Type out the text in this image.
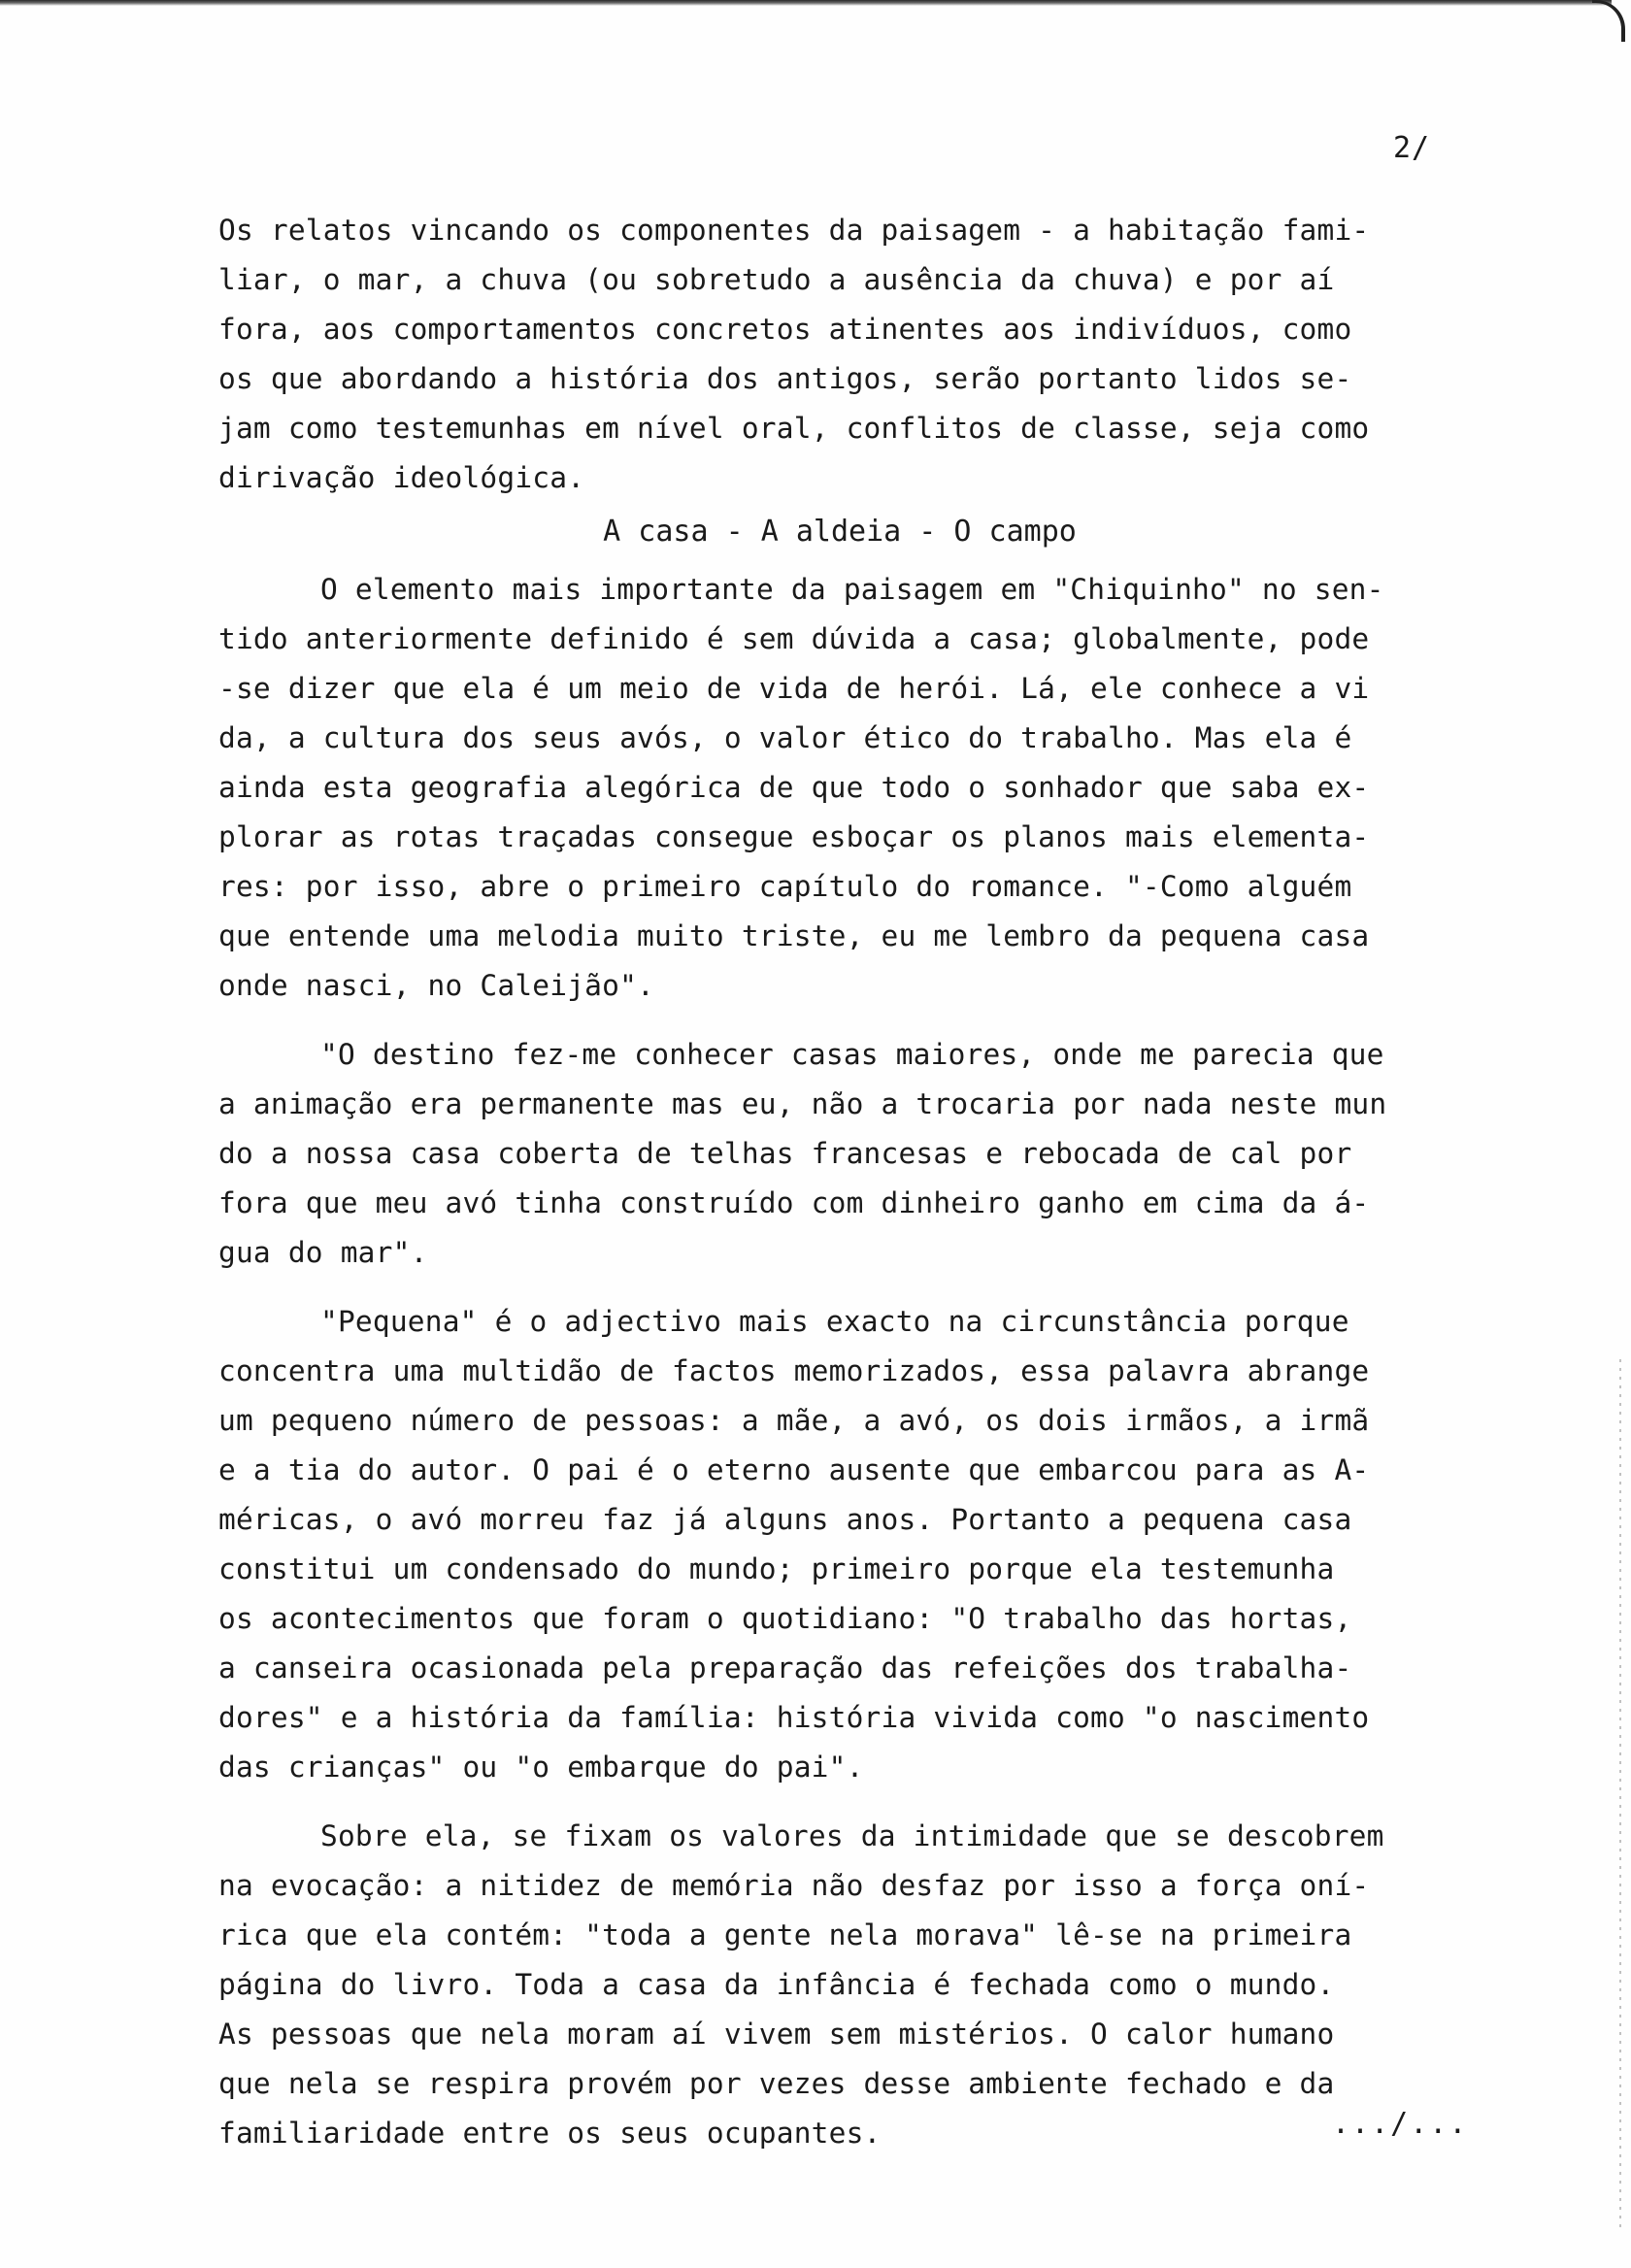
2/

Os relatos vincando os componentes da paisagem - a habitação fami-
liar, o mar, a chuva (ou sobretudo a ausência da chuva) e por aí
fora, aos comportamentos concretos atinentes aos indivíduos, como
os que abordando a história dos antigos, serão portanto lidos se-
jam como testemunhas em nível oral, conflitos de classe, seja como
dirivação ideológica.

A casa - A aldeia - O campo

O elemento mais importante da paisagem em "Chiquinho" no sen-
tido anteriormente definido é sem dúvida a casa; globalmente, pode
-se dizer que ela é um meio de vida de herói. Lá, ele conhece a vi
da, a cultura dos seus avós, o valor ético do trabalho. Mas ela é
ainda esta geografia alegórica de que todo o sonhador que saba ex-
plorar as rotas traçadas consegue esboçar os planos mais elementa-
res: por isso, abre o primeiro capítulo do romance. "-Como alguém
que entende uma melodia muito triste, eu me lembro da pequena casa
onde nasci, no Caleijão".

"O destino fez-me conhecer casas maiores, onde me parecia que
a animação era permanente mas eu, não a trocaria por nada neste mun
do a nossa casa coberta de telhas francesas e rebocada de cal por
fora que meu avó tinha construído com dinheiro ganho em cima da á-
gua do mar".

"Pequena" é o adjectivo mais exacto na circunstância porque
concentra uma multidão de factos memorizados, essa palavra abrange
um pequeno número de pessoas: a mãe, a avó, os dois irmãos, a irmã
e a tia do autor. O pai é o eterno ausente que embarcou para as A-
méricas, o avó morreu faz já alguns anos. Portanto a pequena casa
constitui um condensado do mundo; primeiro porque ela testemunha
os acontecimentos que foram o quotidiano: "O trabalho das hortas,
a canseira ocasionada pela preparação das refeições dos trabalha-
dores" e a história da família: história vivida como "o nascimento
das crianças" ou "o embarque do pai".

Sobre ela, se fixam os valores da intimidade que se descobrem
na evocação: a nitidez de memória não desfaz por isso a força oní-
rica que ela contém: "toda a gente nela morava" lê-se na primeira
página do livro. Toda a casa da infância é fechada como o mundo.
As pessoas que nela moram aí vivem sem mistérios. O calor humano
que nela se respira provém por vezes desse ambiente fechado e da
familiaridade entre os seus ocupantes.	.../...
